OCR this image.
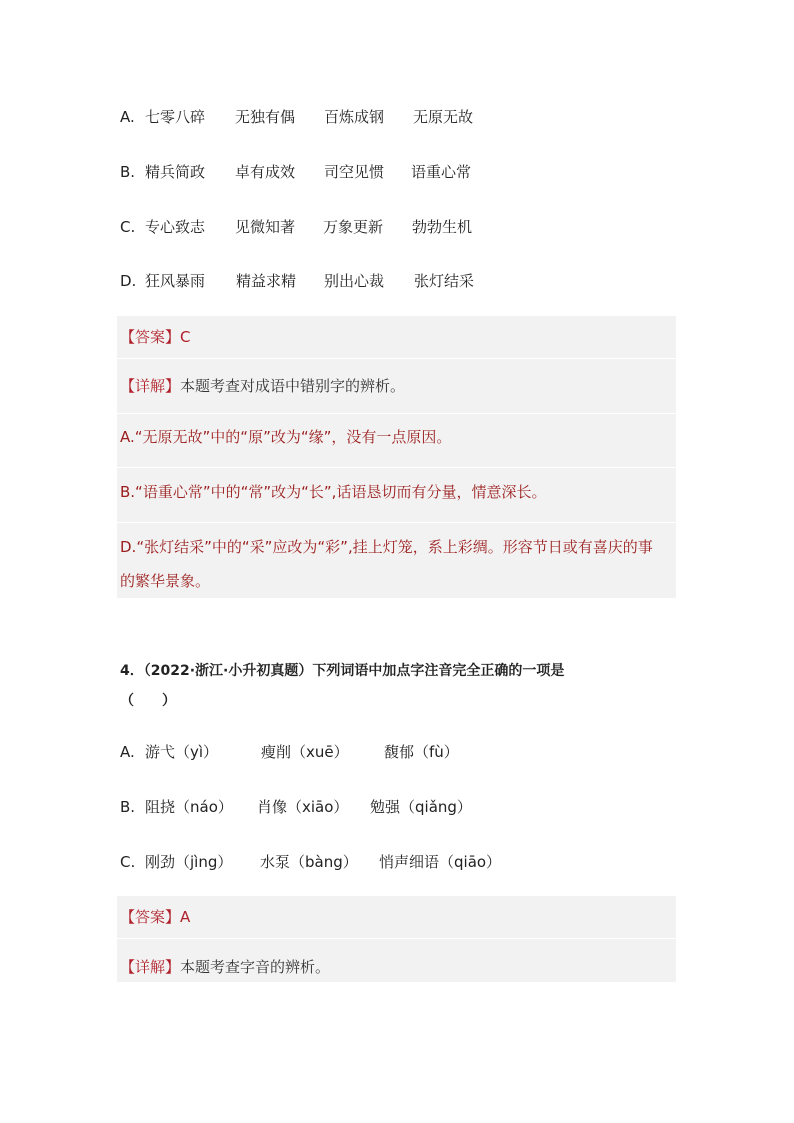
A. 七零八碎 无独有偶 百炼成钢 无原无故
B. 精兵简政 卓有成效 司空见惯 语重心常
C. 专心致志 见微知著 万象更新 勃勃生机
D. 狂风暴雨 精益求精 别出心裁 张灯结采
【答案】C
【详解】本题考查对成语中错别字的辨析。
A.“无原无故”中的“原”改为“缘”，没有一点原因。
B.“语重心常”中的“常”改为“长”,话语恳切而有分量，情意深长。
D.“张灯结采”中的“采”应改为“彩”,挂上灯笼，系上彩绸。形容节日或有喜庆的事
的繁华景象。
4．（2022·浙江·小升初真题）下列词语中加点字注音完全正确的一项是
（　　）
A. 游弋（yì）	瘦削（xuē） 馥郁（fù）
B. 阻挠（náo） 肖像（xiāo） 勉强（qiǎng）
C. 刚劲（jìng） 水泵（bàng） 悄声细语（qiāo）
【答案】A
【详解】本题考查字音的辨析。
